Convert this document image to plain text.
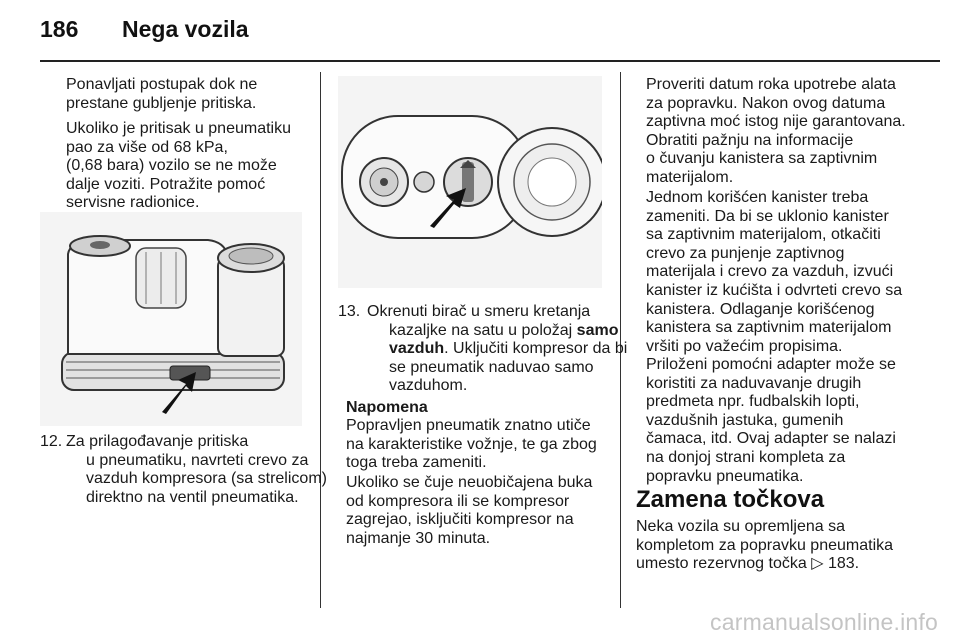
186 Nega vozila
Ponavljati postupak dok ne
prestane gubljenje pritiska.
Ukoliko je pritisak u pneumatiku
pao za više od 68 kPa,
(0,68 bara) vozilo se ne može
dalje voziti. Potražite pomoć
servisne radionice.
12. Za prilagođavanje pritiska
u pneumatiku, navrteti crevo za
vazduh kompresora (sa strelicom)
direktno na ventil pneumatika.
13. Okrenuti birač u smeru kretanja
kazaljke na satu u položaj samo
vazduh. Uključiti kompresor da bi
se pneumatik naduvao samo
vazduhom.
Napomena
Popravljen pneumatik znatno utiče
na karakteristike vožnje, te ga zbog
toga treba zameniti.
Ukoliko se čuje neuobičajena buka
od kompresora ili se kompresor
zagrejao, isključiti kompresor na
najmanje 30 minuta.
Proveriti datum roka upotrebe alata
za popravku. Nakon ovog datuma
zaptivna moć istog nije garantovana.
Obratiti pažnju na informacije
o čuvanju kanistera sa zaptivnim
materijalom.
Jednom korišćen kanister treba
zameniti. Da bi se uklonio kanister
sa zaptivnim materijalom, otkačiti
crevo za punjenje zaptivnog
materijala i crevo za vazduh, izvući
kanister iz kućišta i odvrteti crevo sa
kanistera. Odlaganje korišćenog
kanistera sa zaptivnim materijalom
vršiti po važećim propisima.
Priloženi pomoćni adapter može se
koristiti za naduvavanje drugih
predmeta npr. fudbalskih lopti,
vazdušnih jastuka, gumenih
čamaca, itd. Ovaj adapter se nalazi
na donjoj strani kompleta za
popravku pneumatika.
Zamena točkova
Neka vozila su opremljena sa
kompletom za popravku pneumatika
umesto rezervnog točka ▷ 183.
carmanualsonline.info
